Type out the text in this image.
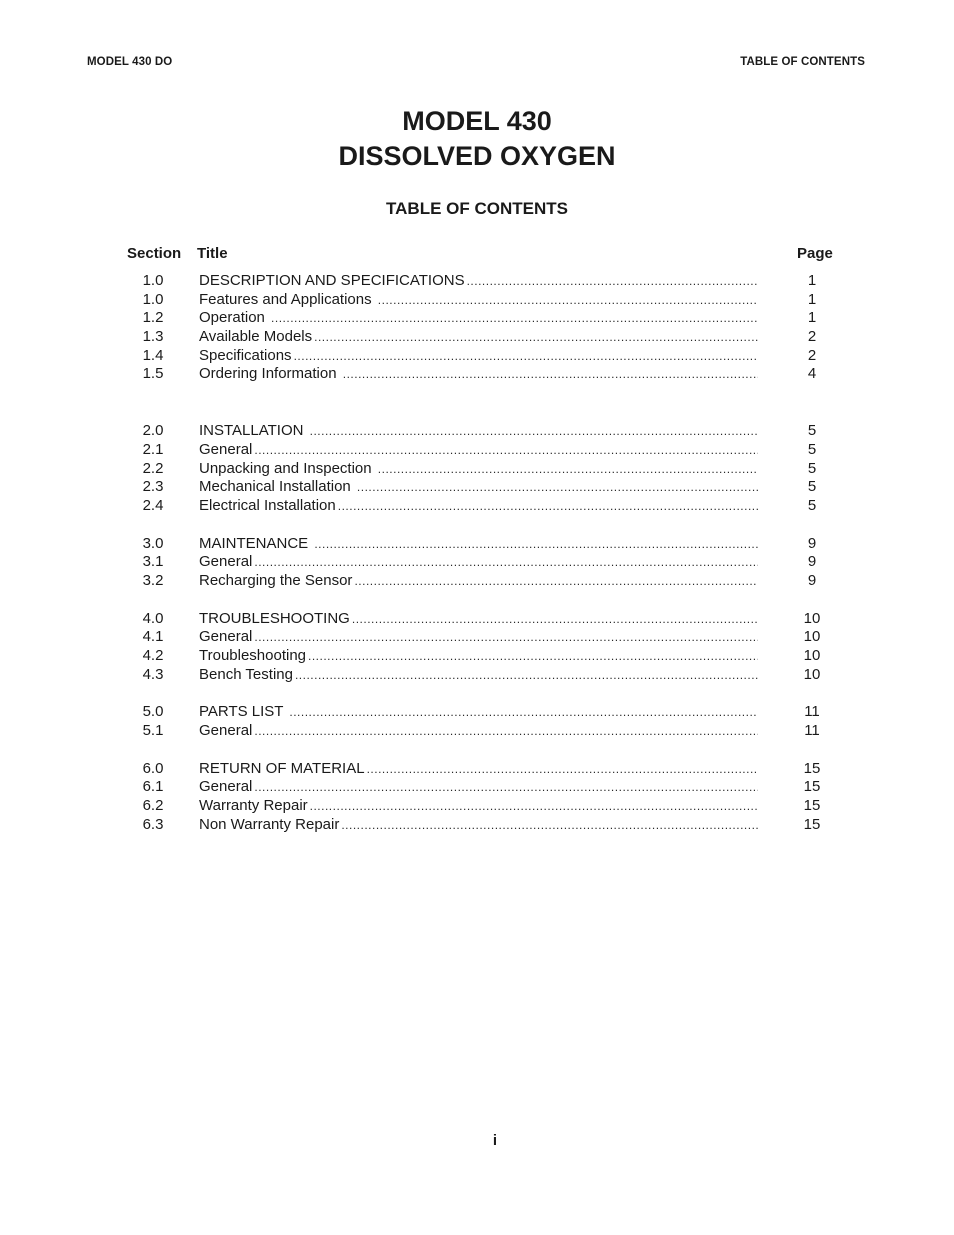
MODEL 430 DO	TABLE OF CONTENTS
MODEL 430
DISSOLVED OXYGEN
TABLE OF CONTENTS
Section Title	Page
1.0	DESCRIPTION AND SPECIFICATIONS .....	1
1.0	Features and Applications .....	1
1.2	Operation .....	1
1.3	Available Models .....	2
1.4	Specifications .....	2
1.5	Ordering Information .....	4
2.0	INSTALLATION .....	5
2.1	General .....	5
2.2	Unpacking and Inspection .....	5
2.3	Mechanical Installation .....	5
2.4	Electrical Installation .....	5
3.0	MAINTENANCE .....	9
3.1	General .....	9
3.2	Recharging the Sensor .....	9
4.0	TROUBLESHOOTING .....	10
4.1	General .....	10
4.2	Troubleshooting .....	10
4.3	Bench Testing .....	10
5.0	PARTS LIST .....	11
5.1	General .....	11
6.0	RETURN OF MATERIAL .....	15
6.1	General .....	15
6.2	Warranty Repair .....	15
6.3	Non Warranty Repair .....	15
i
